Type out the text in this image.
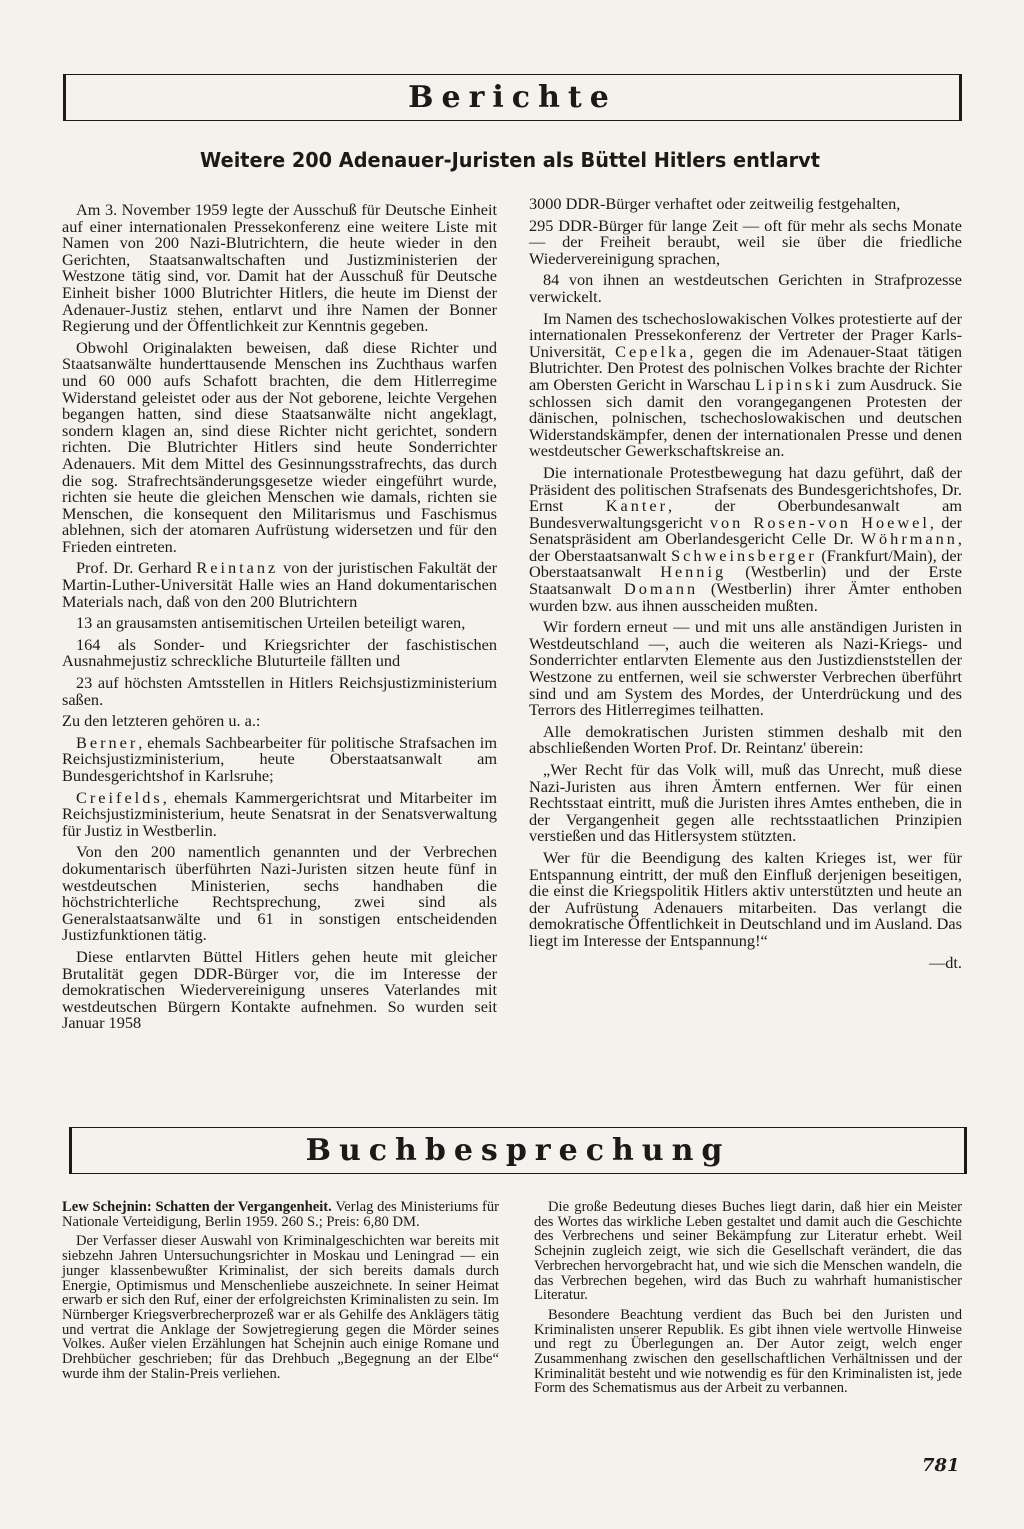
Berichte
Weitere 200 Adenauer-Juristen als Büttel Hitlers entlarvt

Am 3. November 1959 legte der Ausschuß für Deutsche Einheit auf einer internationalen Pressekonferenz eine weitere Liste mit Namen von 200 Nazi-Blutrichtern, die heute wieder in den Gerichten, Staatsanwaltschaften und Justizministerien der Westzone tätig sind, vor. Damit hat der Ausschuß für Deutsche Einheit bisher 1000 Blutrichter Hitlers, die heute im Dienst der Adenauer-Justiz stehen, entlarvt und ihre Namen der Bonner Regierung und der Öffentlichkeit zur Kenntnis gegeben.

Obwohl Originalakten beweisen, daß diese Richter und Staatsanwälte hunderttausende Menschen ins Zuchthaus warfen und 60 000 aufs Schafott brachten, die dem Hitlerregime Widerstand geleistet oder aus der Not geborene, leichte Vergehen begangen hatten, sind diese Staatsanwälte nicht angeklagt, sondern klagen an, sind diese Richter nicht gerichtet, sondern richten. Die Blutrichter Hitlers sind heute Sonderrichter Adenauers. Mit dem Mittel des Gesinnungsstrafrechts, das durch die sog. Strafrechtsänderungsgesetze wieder eingeführt wurde, richten sie heute die gleichen Menschen wie damals, richten sie Menschen, die konsequent den Militarismus und Faschismus ablehnen, sich der atomaren Aufrüstung widersetzen und für den Frieden eintreten.

Prof. Dr. Gerhard Reintanz von der juristischen Fakultät der Martin-Luther-Universität Halle wies an Hand dokumentarischen Materials nach, daß von den 200 Blutrichtern

13 an grausamsten antisemitischen Urteilen beteiligt waren,

164 als Sonder- und Kriegsrichter der faschistischen Ausnahmejustiz schreckliche Bluturteile fällten und

23 auf höchsten Amtsstellen in Hitlers Reichsjustizministerium saßen.

Zu den letzteren gehören u. a.:

Berner, ehemals Sachbearbeiter für politische Strafsachen im Reichsjustizministerium, heute Oberstaatsanwalt am Bundesgerichtshof in Karlsruhe;

Creifelds, ehemals Kammergerichtsrat und Mitarbeiter im Reichsjustizministerium, heute Senatsrat in der Senatsverwaltung für Justiz in Westberlin.

Von den 200 namentlich genannten und der Verbrechen dokumentarisch überführten Nazi-Juristen sitzen heute fünf in westdeutschen Ministerien, sechs handhaben die höchstrichterliche Rechtsprechung, zwei sind als Generalstaatsanwälte und 61 in sonstigen entscheidenden Justizfunktionen tätig.

Diese entlarvten Büttel Hitlers gehen heute mit gleicher Brutalität gegen DDR-Bürger vor, die im Interesse der demokratischen Wiedervereinigung unseres Vaterlandes mit westdeutschen Bürgern Kontakte aufnehmen. So wurden seit Januar 1958

3000 DDR-Bürger verhaftet oder zeitweilig festgehalten,

295 DDR-Bürger für lange Zeit — oft für mehr als sechs Monate — der Freiheit beraubt, weil sie über die friedliche Wiedervereinigung sprachen,

84 von ihnen an westdeutschen Gerichten in Strafprozesse verwickelt.

Im Namen des tschechoslowakischen Volkes protestierte auf der internationalen Pressekonferenz der Vertreter der Prager Karls-Universität, Cepelka, gegen die im Adenauer-Staat tätigen Blutrichter. Den Protest des polnischen Volkes brachte der Richter am Obersten Gericht in Warschau Lipinski zum Ausdruck. Sie schlossen sich damit den vorangegangenen Protesten der dänischen, polnischen, tschechoslowakischen und deutschen Widerstandskämpfer, denen der internationalen Presse und denen westdeutscher Gewerkschaftskreise an.

Die internationale Protestbewegung hat dazu geführt, daß der Präsident des politischen Strafsenats des Bundesgerichtshofes, Dr. Ernst	Kanter, der Oberbundesanwalt am Bundesverwaltungsgericht von Rosen-von Hoewel, der Senatspräsident am Oberlandesgericht Celle Dr. Wöhrmann, der Oberstaatsanwalt Schweinsberger (Frankfurt/Main), der Oberstaatsanwalt Hennig (Westberlin) und der Erste Staatsanwalt Domann (Westberlin) ihrer Ämter enthoben wurden bzw. aus ihnen ausscheiden mußten.

Wir fordern erneut — und mit uns alle anständigen Juristen in Westdeutschland —, auch die weiteren als Nazi-Kriegs- und Sonderrichter entlarvten Elemente aus den Justizdienststellen der Westzone zu entfernen, weil sie schwerster Verbrechen überführt sind und am System des Mordes, der Unterdrückung und des Terrors des Hitlerregimes teilhatten.

Alle demokratischen Juristen stimmen deshalb mit den abschließenden Worten Prof. Dr. Reintanz' überein:

„Wer Recht für das Volk will, muß das Unrecht, muß diese Nazi-Juristen aus ihren Ämtern entfernen. Wer für einen Rechtsstaat eintritt, muß die Juristen ihres Amtes entheben, die in der Vergangenheit gegen alle rechtsstaatlichen Prinzipien verstießen und das Hitlersystem stützten.

Wer für die Beendigung des kalten Krieges ist, wer für Entspannung eintritt, der muß den Einfluß derjenigen beseitigen, die einst die Kriegspolitik Hitlers aktiv unterstützten und heute an der Aufrüstung Adenauers mitarbeiten. Das verlangt die demokratische Öffentlichkeit in Deutschland und im Ausland. Das liegt im Interesse der Entspannung!“

—dt.

Buchbesprechung

Lew Schejnin: Schatten der Vergangenheit. Verlag des Ministeriums für Nationale Verteidigung, Berlin 1959. 260 S.; Preis: 6,80 DM.

Der Verfasser dieser Auswahl von Kriminalgeschichten war bereits mit siebzehn Jahren Untersuchungsrichter in Moskau und Leningrad — ein junger klassenbewußter Kriminalist, der sich bereits damals durch Energie, Optimismus und Menschenliebe auszeichnete. In seiner Heimat erwarb er sich den Ruf, einer der erfolgreichsten Kriminalisten zu sein. Im Nürnberger Kriegsverbrecherprozeß war er als Gehilfe des Anklägers tätig und vertrat die Anklage der Sowjetregierung gegen die Mörder seines Volkes. Außer vielen Erzählungen hat Schejnin auch einige Romane und Drehbücher geschrieben; für das Drehbuch „Begegnung an der Elbe“ wurde ihm der Stalin-Preis verliehen.

Die große Bedeutung dieses Buches liegt darin, daß hier ein Meister des Wortes das wirkliche Leben gestaltet und damit auch die Geschichte des Verbrechens und seiner Bekämpfung zur Literatur erhebt. Weil Schejnin zugleich zeigt, wie sich die Gesellschaft verändert, die das Verbrechen hervorgebracht hat, und wie sich die Menschen wandeln, die das Verbrechen begehen, wird das Buch zu wahrhaft humanistischer Literatur.

Besondere Beachtung verdient das Buch bei den Juristen und Kriminalisten unserer Republik. Es gibt ihnen viele wertvolle Hinweise und regt zu Überlegungen an. Der Autor zeigt, welch enger Zusammenhang zwischen den gesellschaftlichen Verhältnissen und der Kriminalität besteht und wie notwendig es für den Kriminalisten ist, jede Form des Schematismus aus der Arbeit zu verbannen.

781
